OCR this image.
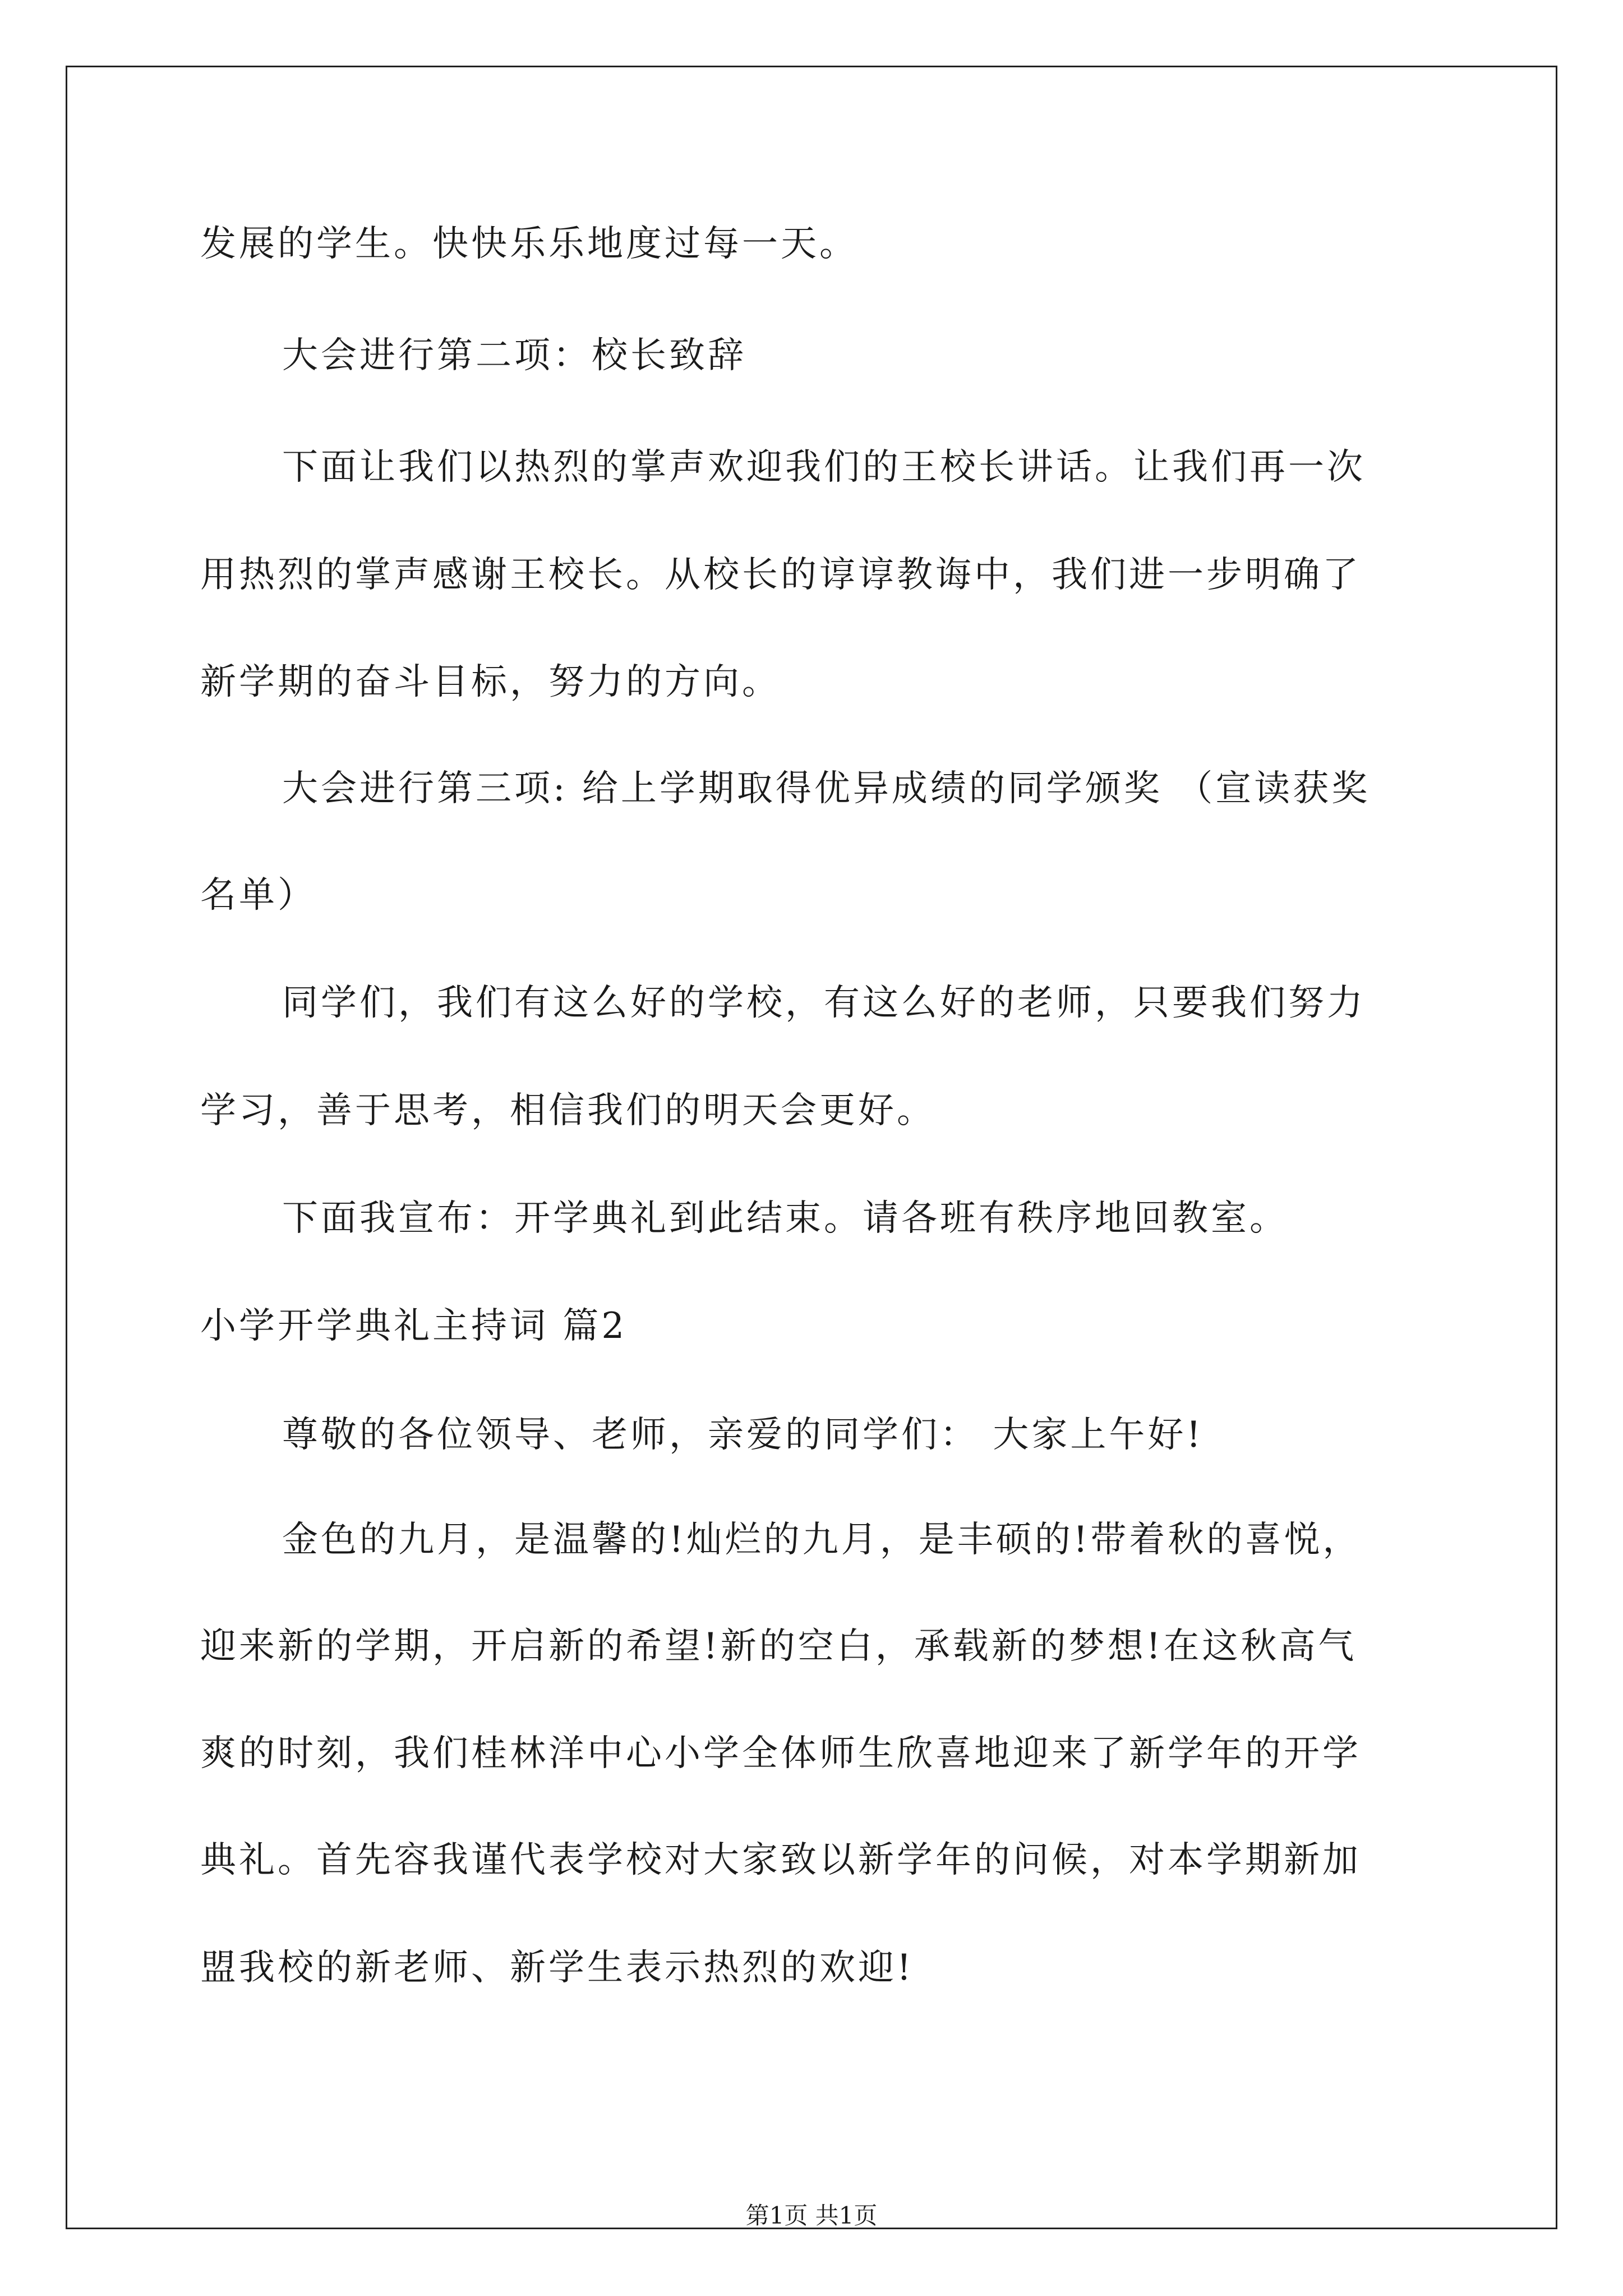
发展的学生。快快乐乐地度过每一天。
大会进行第二项：校长致辞
下面让我们以热烈的掌声欢迎我们的王校长讲话。让我们再一次
用热烈的掌声感谢王校长。从校长的谆谆教诲中，我们进一步明确了
新学期的奋斗目标，努力的方向。
大会进行第三项: 给上学期取得优异成绩的同学颁奖 （宣读获奖
名单）
同学们，我们有这么好的学校，有这么好的老师，只要我们努力
学习，善于思考，相信我们的明天会更好。
下面我宣布：开学典礼到此结束。请各班有秩序地回教室。
小学开学典礼主持词 篇2
尊敬的各位领导、老师，亲爱的同学们： 大家上午好!
金色的九月，是温馨的!灿烂的九月，是丰硕的!带着秋的喜悦，
迎来新的学期，开启新的希望!新的空白，承载新的梦想!在这秋高气
爽的时刻，我们桂林洋中心小学全体师生欣喜地迎来了新学年的开学
典礼。首先容我谨代表学校对大家致以新学年的问候，对本学期新加
盟我校的新老师、新学生表示热烈的欢迎!
第1页 共1页
